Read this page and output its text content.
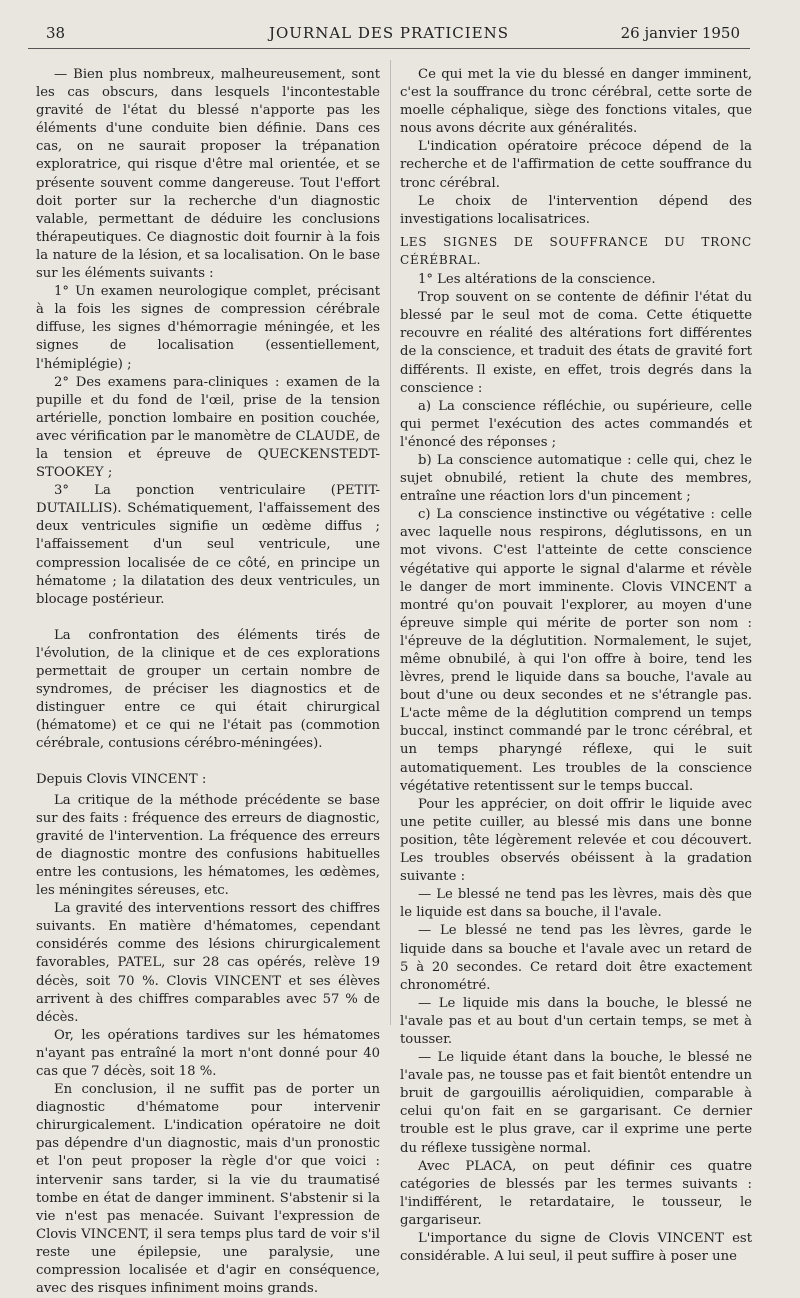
38	JOURNAL DES PRATICIENS	26 janvier 1950

— Bien plus nombreux, malheureusement, sont les cas obscurs, dans lesquels l'incontestable gravité de l'état du blessé n'apporte pas les éléments d'une conduite bien définie. Dans ces cas, on ne saurait proposer la trépanation exploratrice, qui risque d'être mal orientée, et se présente souvent comme dangereuse. Tout l'effort doit porter sur la recherche d'un diagnostic valable, permettant de déduire les conclusions thérapeutiques. Ce diagnostic doit fournir à la fois la nature de la lésion, et sa localisation. On le base sur les éléments suivants :

1° Un examen neurologique complet, précisant à la fois les signes de compression cérébrale diffuse, les signes d'hémorragie méningée, et les signes de localisation (essentiellement, l'hémiplégie) ;

2° Des examens para-cliniques : examen de la pupille et du fond de l'œil, prise de la tension artérielle, ponction lombaire en position couchée, avec vérification par le manomètre de CLAUDE, de la tension et épreuve de QUECKENSTEDT-STOOKEY ;

3° La ponction ventriculaire (PETIT-DUTAILLIS). Schématiquement, l'affaissement des deux ventricules signifie un œdème diffus ; l'affaissement d'un seul ventricule, une compression localisée de ce côté, en principe un hématome ; la dilatation des deux ventricules, un blocage postérieur.

La confrontation des éléments tirés de l'évolution, de la clinique et de ces explorations permettait de grouper un certain nombre de syndromes, de préciser les diagnostics et de distinguer entre ce qui était chirurgical (hématome) et ce qui ne l'était pas (commotion cérébrale, contusions cérébro-méningées).

Depuis Clovis VINCENT :

La critique de la méthode précédente se base sur des faits : fréquence des erreurs de diagnostic, gravité de l'intervention. La fréquence des erreurs de diagnostic montre des confusions habituelles entre les contusions, les hématomes, les œdèmes, les méningites séreuses, etc.

La gravité des interventions ressort des chiffres suivants. En matière d'hématomes, cependant considérés comme des lésions chirurgicalement favorables, PATEL, sur 28 cas opérés, relève 19 décès, soit 70 %. Clovis VINCENT et ses élèves arrivent à des chiffres comparables avec 57 % de décès.

Or, les opérations tardives sur les hématomes n'ayant pas entraîné la mort n'ont donné pour 40 cas que 7 décès, soit 18 %.

En conclusion, il ne suffit pas de porter un diagnostic d'hématome pour intervenir chirurgicalement. L'indication opératoire ne doit pas dépendre d'un diagnostic, mais d'un pronostic et l'on peut proposer la règle d'or que voici : intervenir sans tarder, si la vie du traumatisé tombe en état de danger imminent. S'abstenir si la vie n'est pas menacée. Suivant l'expression de Clovis VINCENT, il sera temps plus tard de voir s'il reste une épilepsie, une paralysie, une compression localisée et d'agir en conséquence, avec des risques infiniment moins grands.

Ce qui met la vie du blessé en danger imminent, c'est la souffrance du tronc cérébral, cette sorte de moelle céphalique, siège des fonctions vitales, que nous avons décrite aux généralités.

L'indication opératoire précoce dépend de la recherche et de l'affirmation de cette souffrance du tronc cérébral.

Le choix de l'intervention dépend des investigations localisatrices.

LES SIGNES DE SOUFFRANCE DU TRONC CÉRÉBRAL.

1° Les altérations de la conscience.

Trop souvent on se contente de définir l'état du blessé par le seul mot de coma. Cette étiquette recouvre en réalité des altérations fort différentes de la conscience, et traduit des états de gravité fort différents. Il existe, en effet, trois degrés dans la conscience :

a) La conscience réfléchie, ou supérieure, celle qui permet l'exécution des actes commandés et l'énoncé des réponses ;

b) La conscience automatique : celle qui, chez le sujet obnubilé, retient la chute des membres, entraîne une réaction lors d'un pincement ;

c) La conscience instinctive ou végétative : celle avec laquelle nous respirons, déglutissons, en un mot vivons. C'est l'atteinte de cette conscience végétative qui apporte le signal d'alarme et révèle le danger de mort imminente. Clovis VINCENT a montré qu'on pouvait l'explorer, au moyen d'une épreuve simple qui mérite de porter son nom : l'épreuve de la déglutition. Normalement, le sujet, même obnubilé, à qui l'on offre à boire, tend les lèvres, prend le liquide dans sa bouche, l'avale au bout d'une ou deux secondes et ne s'étrangle pas. L'acte même de la déglutition comprend un temps buccal, instinct commandé par le tronc cérébral, et un temps pharyngé réflexe, qui le suit automatiquement. Les troubles de la conscience végétative retentissent sur le temps buccal.

Pour les apprécier, on doit offrir le liquide avec une petite cuiller, au blessé mis dans une bonne position, tête légèrement relevée et cou découvert. Les troubles observés obéissent à la gradation suivante :

— Le blessé ne tend pas les lèvres, mais dès que le liquide est dans sa bouche, il l'avale.

— Le blessé ne tend pas les lèvres, garde le liquide dans sa bouche et l'avale avec un retard de 5 à 20 secondes. Ce retard doit être exactement chronométré.

— Le liquide mis dans la bouche, le blessé ne l'avale pas et au bout d'un certain temps, se met à tousser.

— Le liquide étant dans la bouche, le blessé ne l'avale pas, ne tousse pas et fait bientôt entendre un bruit de gargouillis aéroliquidien, comparable à celui qu'on fait en se gargarisant. Ce dernier trouble est le plus grave, car il exprime une perte du réflexe tussigène normal.

Avec PLACA, on peut définir ces quatre catégories de blessés par les termes suivants : l'indifférent, le retardataire, le tousseur, le gargariseur.

L'importance du signe de Clovis VINCENT est considérable. A lui seul, il peut suffire à poser une
